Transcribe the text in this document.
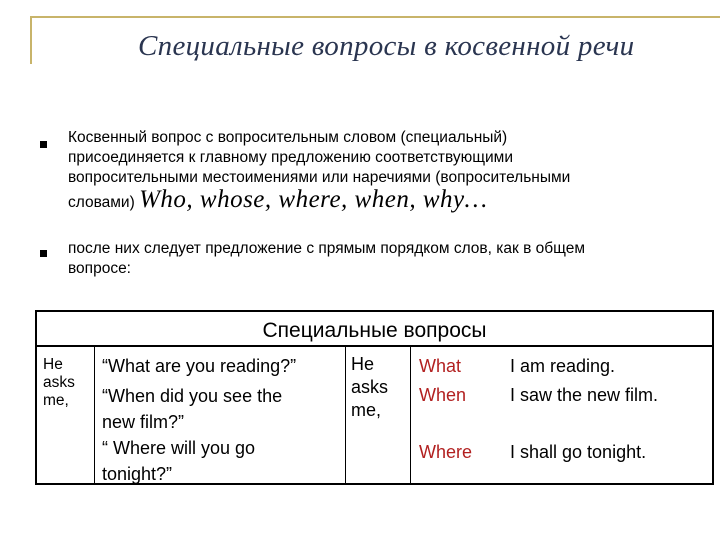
Специальные вопросы в косвенной речи
Косвенный вопрос с вопросительным словом (специальный)
присоединяется к главному предложению соответствующими
вопросительными местоимениями или наречиями (вопросительными
словами) Who, whose, where, when, why…
после них следует предложение с прямым порядком слов, как в общем
вопросе:
Специальные вопросы
He
asks
me,
“What are you reading?”
“When did you see the
new film?”
“ Where will you go
tonight?”
He
asks
me,
What
When
Where
I am reading.
I saw the new film.
I shall go tonight.
